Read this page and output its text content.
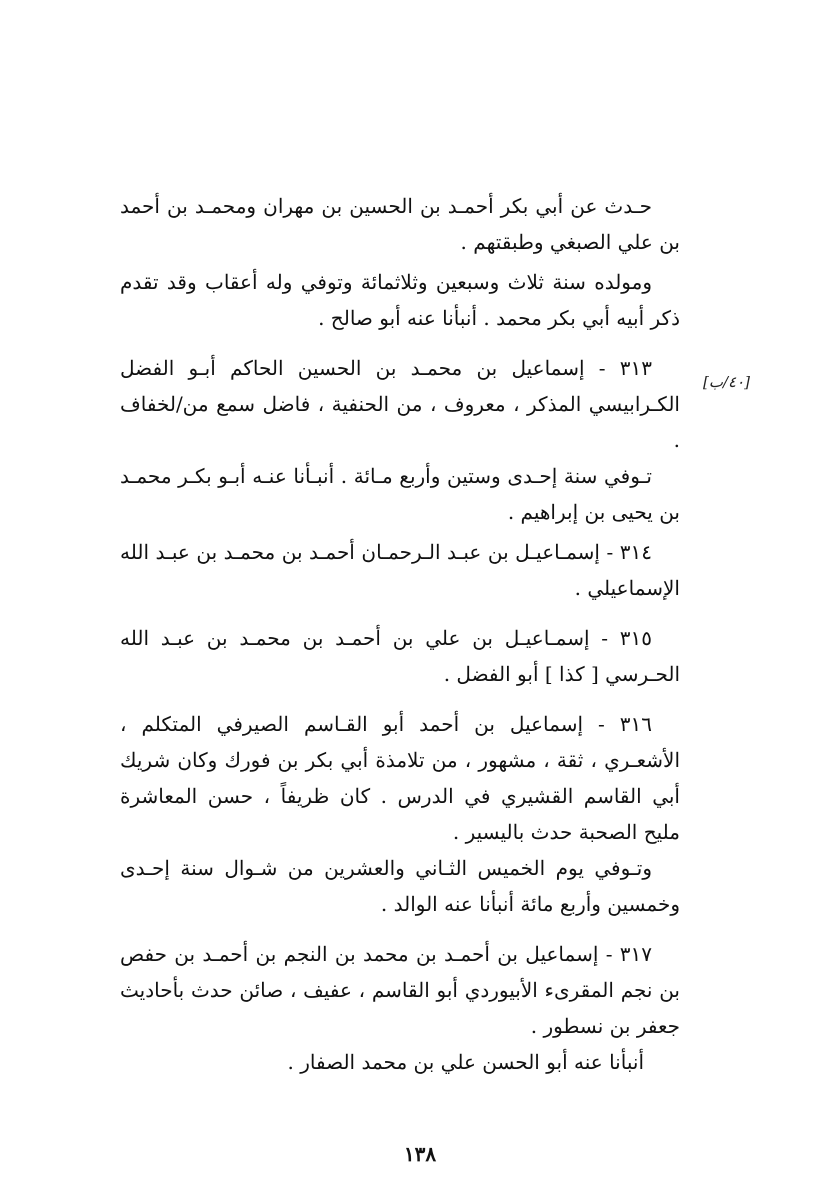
حـدث عن أبي بكر أحمـد بن الحسين بن مهران ومحمـد بن أحمد بن علي الصبغي وطبقتهم .

ومولده سنة ثلاث وسبعين وثلاثمائة وتوفي وله أعقاب وقد تقدم ذكر أبيه أبي بكر محمد . أنبأنا عنه أبو صالح .

٣١٣ - إسماعيل بن محمـد بن الحسين الحاكم أبـو الفضل الكـرابيسي المذكر ، معروف ، من الحنفية ، فاضل سمع من/لخفاف .

تـوفي سنة إحـدى وستين وأربع مـائة . أنبـأنا عنـه أبـو بكـر محمـد بن يحيى بن إبراهيم .

٣١٤ - إسمـاعيـل بن عبـد الـرحمـان أحمـد بن محمـد بن عبـد الله الإسماعيلي .

٣١٥ - إسمـاعيـل بن علي بن أحمـد بن محمـد بن عبـد الله الحـرسي [ كذا ] أبو الفضل .

٣١٦ - إسماعيل بن أحمد أبو القـاسم الصيرفي المتكلم ، الأشعـري ، ثقة ، مشهور ، من تلامذة أبي بكر بن فورك وكان شريك أبي القاسم القشيري في الدرس . كان ظريفاً ، حسن المعاشرة مليح الصحبة حدث باليسير .

وتـوفي يوم الخميس الثـاني والعشرين من شـوال سنة إحـدى وخمسين وأربع مائة أنبأنا عنه الوالد .

٣١٧ - إسماعيل بن أحمـد بن محمد بن النجم بن أحمـد بن حفص بن نجم المقرىء الأبيوردي أبو القاسم ، عفيف ، صائن حدث بأحاديث جعفر بن نسطور .

أنبأنا عنه أبو الحسن علي بن محمد الصفار .

[٤٠/ب]
١٣٨
